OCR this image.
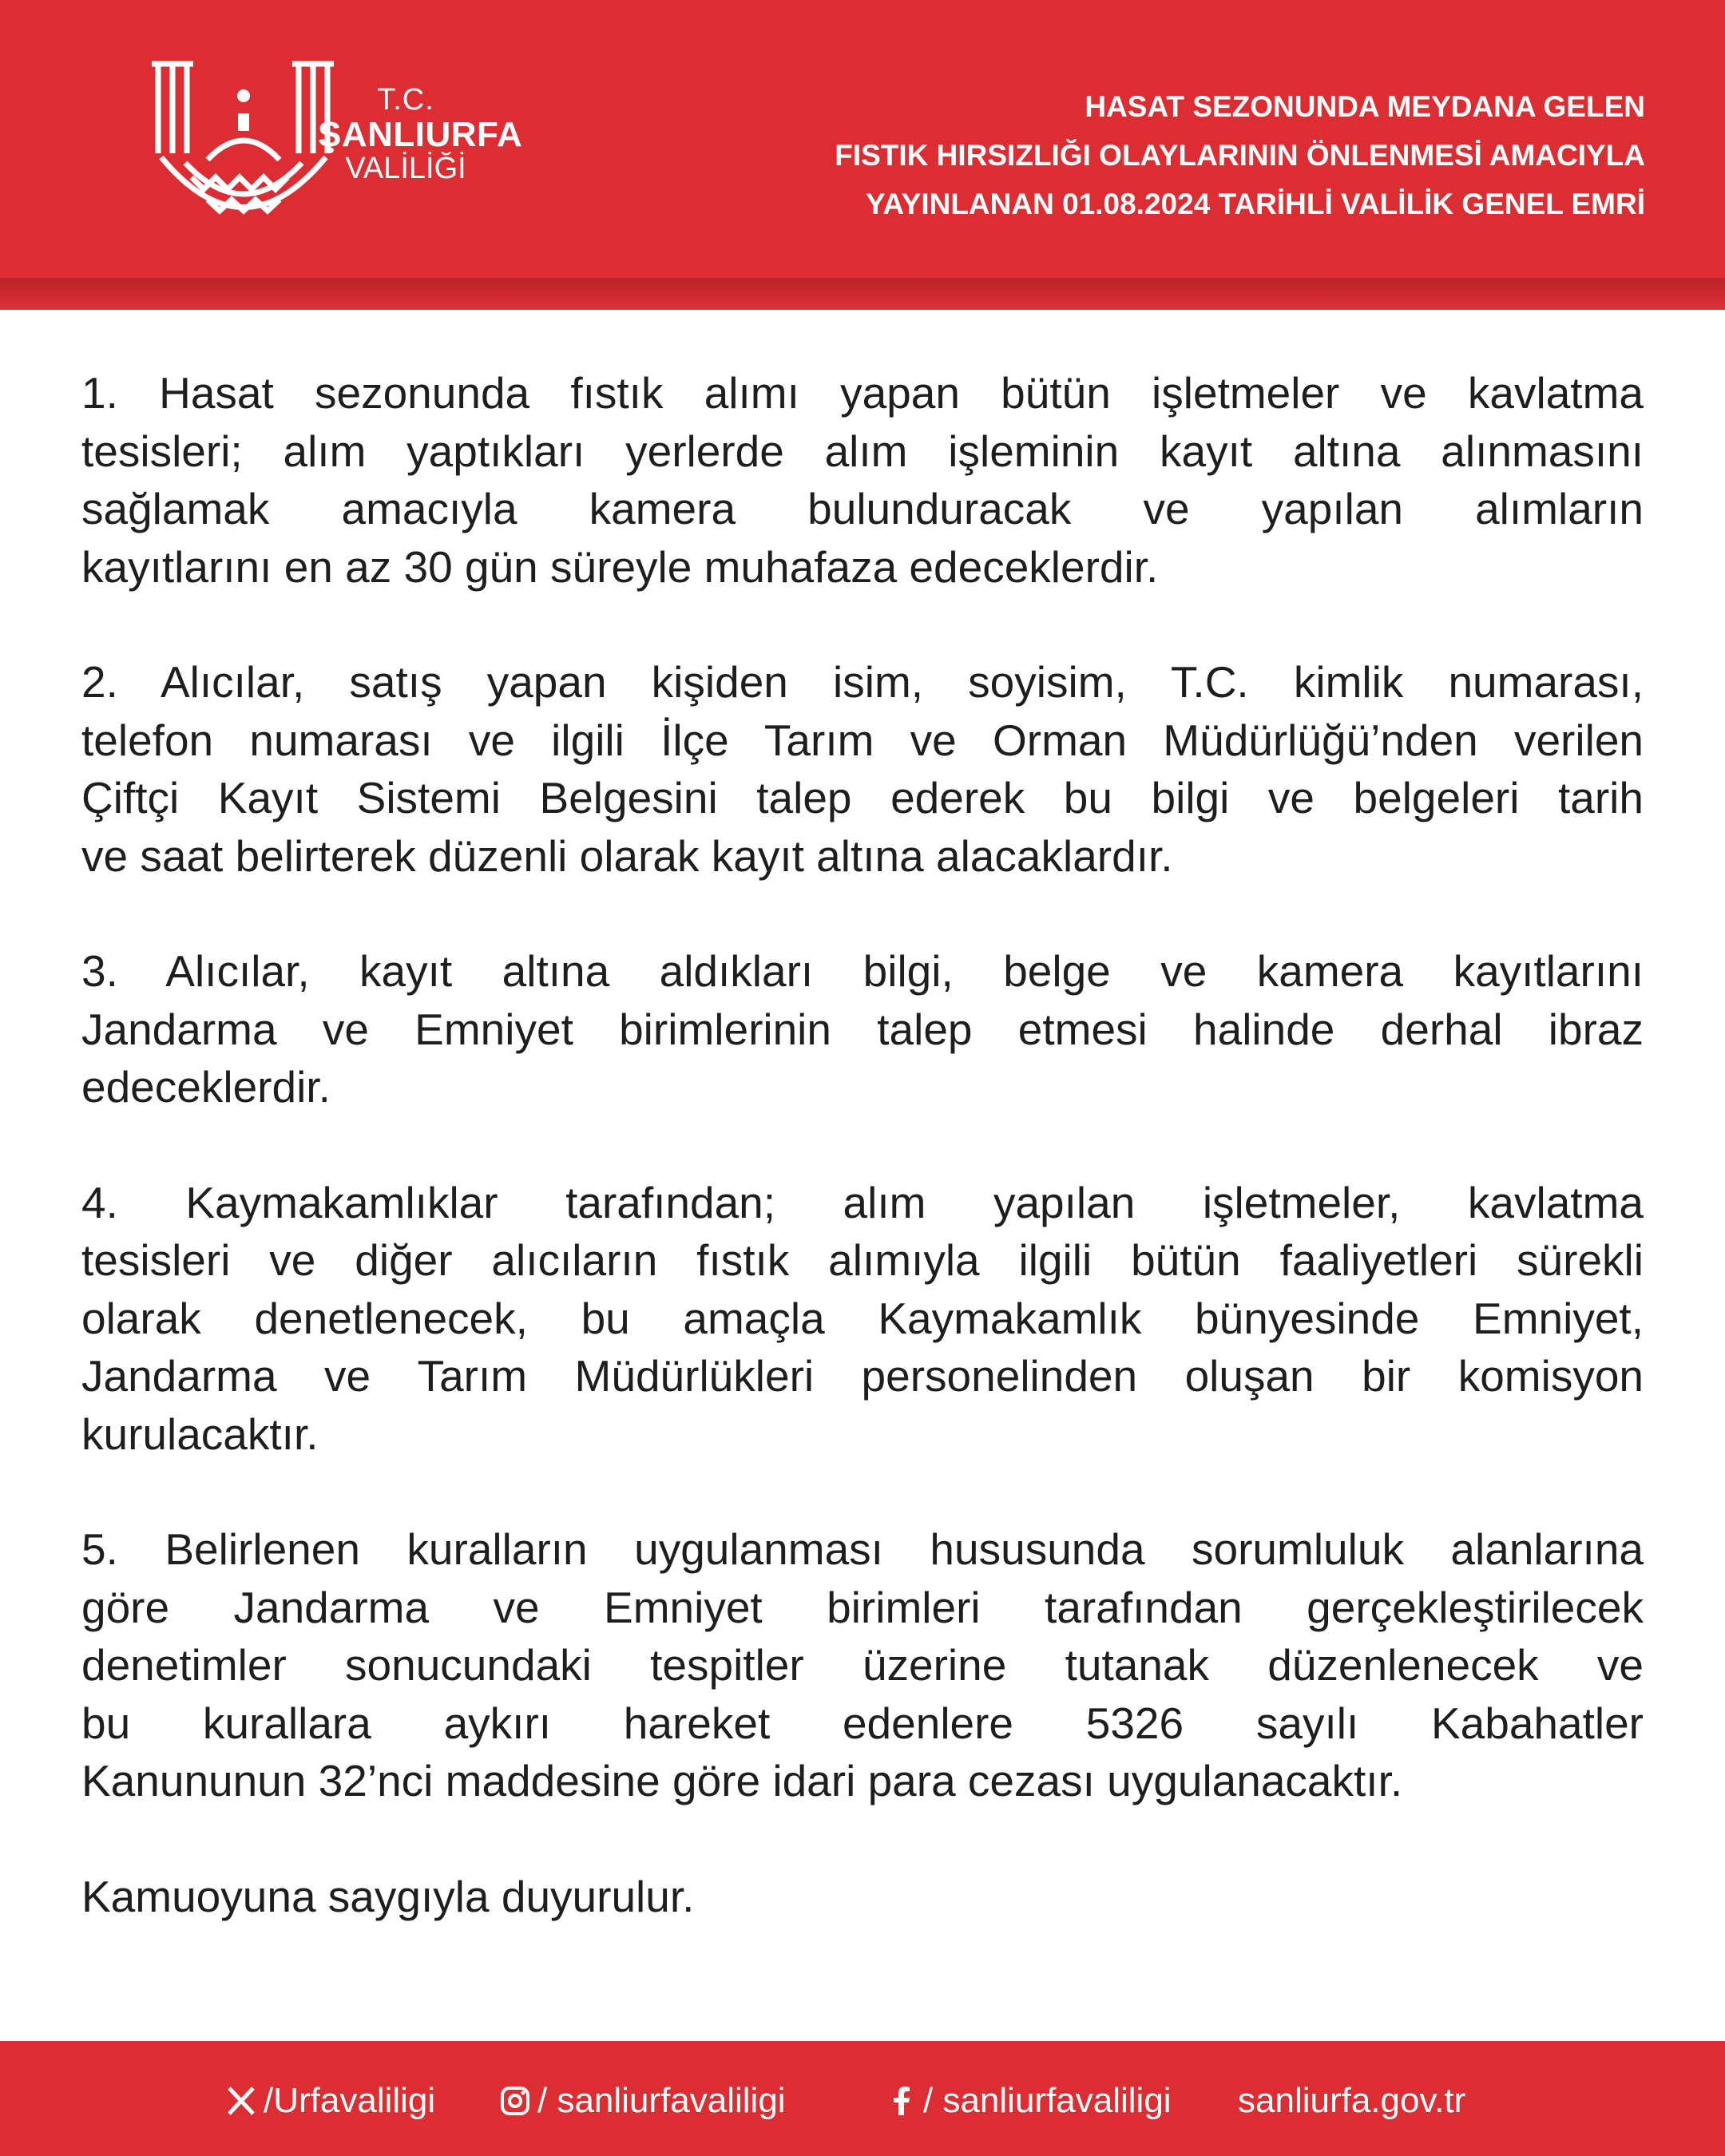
T.C.
ŞANLIURFA
VALİLİĞİ
HASAT SEZONUNDA MEYDANA GELEN
FISTIK HIRSIZLIĞI OLAYLARININ ÖNLENMESİ AMACIYLA
YAYINLANAN 01.08.2024 TARİHLİ VALİLİK GENEL EMRİ
1. Hasat sezonunda fıstık alımı yapan bütün işletmeler ve kavlatma
tesisleri; alım yaptıkları yerlerde alım işleminin kayıt altına alınmasını
sağlamak amacıyla kamera bulunduracak ve yapılan alımların
kayıtlarını en az 30 gün süreyle muhafaza edeceklerdir.
2. Alıcılar, satış yapan kişiden isim, soyisim, T.C. kimlik numarası,
telefon numarası ve ilgili İlçe Tarım ve Orman Müdürlüğü’nden verilen
Çiftçi Kayıt Sistemi Belgesini talep ederek bu bilgi ve belgeleri tarih
ve saat belirterek düzenli olarak kayıt altına alacaklardır.
3. Alıcılar, kayıt altına aldıkları bilgi, belge ve kamera kayıtlarını
Jandarma ve Emniyet birimlerinin talep etmesi halinde derhal ibraz
edeceklerdir.
4. Kaymakamlıklar tarafından; alım yapılan işletmeler, kavlatma
tesisleri ve diğer alıcıların fıstık alımıyla ilgili bütün faaliyetleri sürekli
olarak denetlenecek, bu amaçla Kaymakamlık bünyesinde Emniyet,
Jandarma ve Tarım Müdürlükleri personelinden oluşan bir komisyon
kurulacaktır.
5. Belirlenen kuralların uygulanması hususunda sorumluluk alanlarına
göre Jandarma ve Emniyet birimleri tarafından gerçekleştirilecek
denetimler sonucundaki tespitler üzerine tutanak düzenlenecek ve
bu kurallara aykırı hareket edenlere 5326 sayılı Kabahatler
Kanununun 32’nci maddesine göre idari para cezası uygulanacaktır.

Kamuoyuna saygıyla duyurulur.

/Urfavaliligi	/ sanliurfavaliligi	/ sanliurfavaliligi sanliurfa.gov.tr
